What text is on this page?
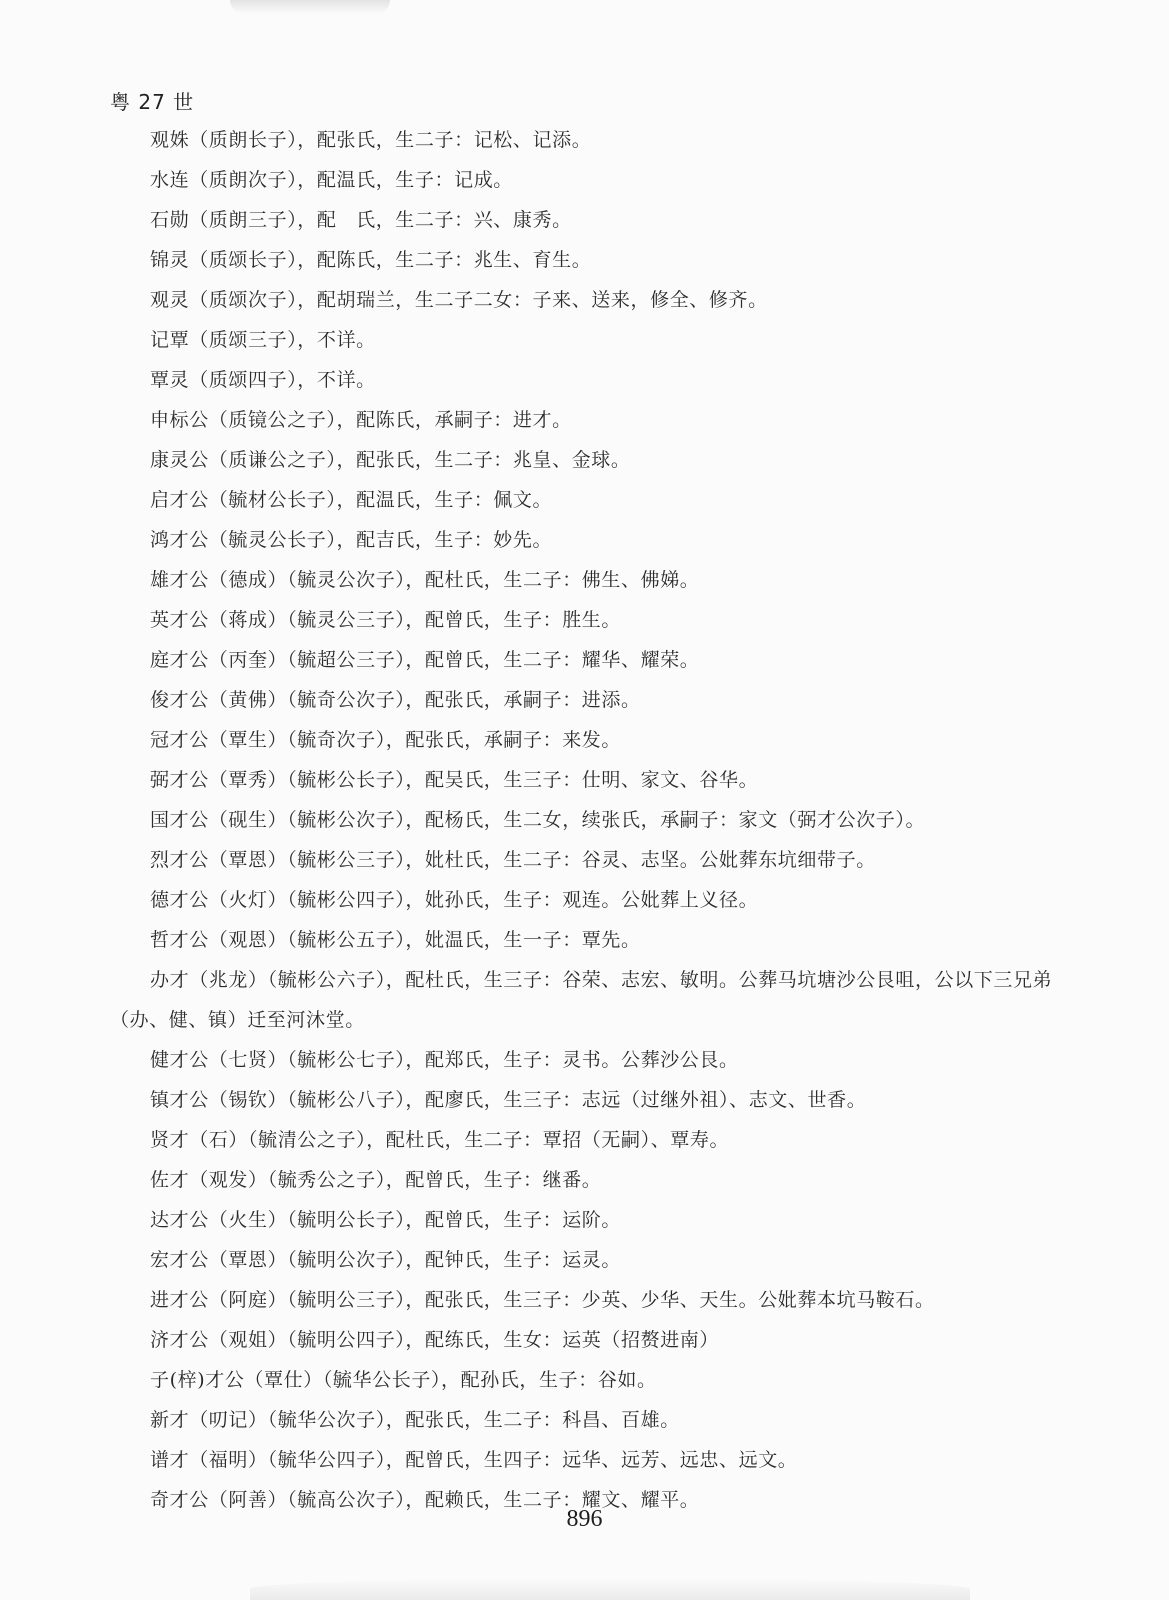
粤 27 世
观姝（质朗长子），配张氏，生二子：记松、记添。
水连（质朗次子），配温氏，生子：记成。
石勋（质朗三子），配　氏，生二子：兴、康秀。
锦灵（质颂长子），配陈氏，生二子：兆生、育生。
观灵（质颂次子），配胡瑞兰，生二子二女：子来、送来，修全、修齐。
记覃（质颂三子），不详。
覃灵（质颂四子），不详。
申标公（质镜公之子），配陈氏，承嗣子：进才。
康灵公（质谦公之子），配张氏，生二子：兆皇、金球。
启才公（毓材公长子），配温氏，生子：佩文。
鸿才公（毓灵公长子），配吉氏，生子：妙先。
雄才公（德成）（毓灵公次子），配杜氏，生二子：佛生、佛娣。
英才公（蒋成）（毓灵公三子），配曾氏，生子：胜生。
庭才公（丙奎）（毓超公三子），配曾氏，生二子：耀华、耀荣。
俊才公（黄佛）（毓奇公次子），配张氏，承嗣子：进添。
冠才公（覃生）（毓奇次子），配张氏，承嗣子：来发。
弼才公（覃秀）（毓彬公长子），配吴氏，生三子：仕明、家文、谷华。
国才公（砚生）（毓彬公次子），配杨氏，生二女，续张氏，承嗣子：家文（弼才公次子）。
烈才公（覃恩）（毓彬公三子），妣杜氏，生二子：谷灵、志坚。公妣葬东坑细带子。
德才公（火灯）（毓彬公四子），妣孙氏，生子：观连。公妣葬上义径。
哲才公（观恩）（毓彬公五子），妣温氏，生一子：覃先。
办才（兆龙）（毓彬公六子），配杜氏，生三子：谷荣、志宏、敏明。公葬马坑塘沙公艮咀，公以下三兄弟（办、健、镇）迁至河沐堂。
健才公（七贤）（毓彬公七子），配郑氏，生子：灵书。公葬沙公艮。
镇才公（锡钦）（毓彬公八子），配廖氏，生三子：志远（过继外祖）、志文、世香。
贤才（石）（毓清公之子），配杜氏，生二子：覃招（无嗣）、覃寿。
佐才（观发）（毓秀公之子），配曾氏，生子：继番。
达才公（火生）（毓明公长子），配曾氏，生子：运阶。
宏才公（覃恩）（毓明公次子），配钟氏，生子：运灵。
进才公（阿庭）（毓明公三子），配张氏，生三子：少英、少华、天生。公妣葬本坑马鞍石。
济才公（观姐）（毓明公四子），配练氏，生女：运英（招赘进南）
子(梓)才公（覃仕）（毓华公长子），配孙氏，生子：谷如。
新才（叨记）（毓华公次子），配张氏，生二子：科昌、百雄。
谱才（福明）（毓华公四子），配曾氏，生四子：远华、远芳、远忠、远文。
奇才公（阿善）（毓高公次子），配赖氏，生二子：耀文、耀平。
896
